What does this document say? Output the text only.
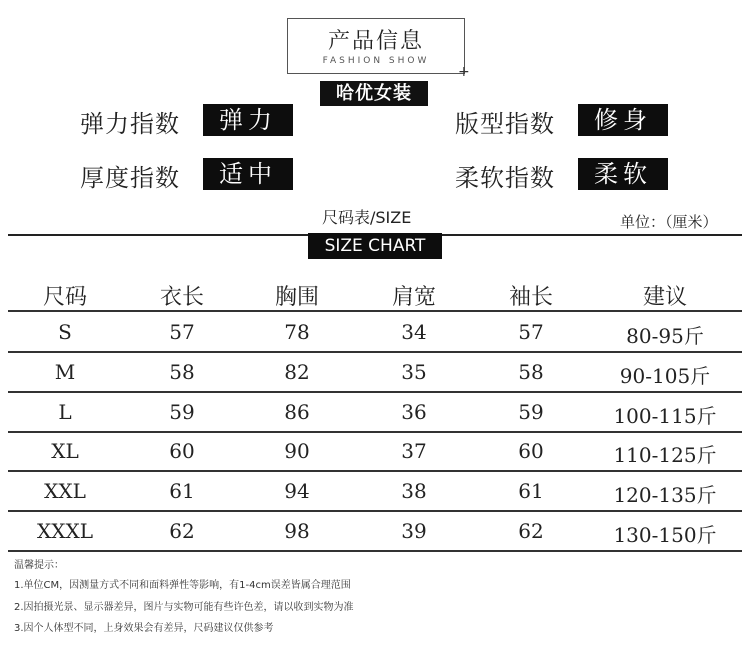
产品信息
FASHION SHOW
+
哈优女装
弹力指数	弹力	版型指数	修身
厚度指数	适中	柔软指数	柔软
尺码表/SIZE	单位：（厘米）
SIZE CHART
尺码	衣长	胸围	肩宽	袖长	建议
S	57	78	34	57	80-95斤
M	58	82	35	58	90-105斤
L	59	86	36	59	100-115斤
XL	60	90	37	60	110-125斤
XXL	61	94	38	61	120-135斤
XXXL	62	98	39	62	130-150斤
温馨提示：
1.单位CM，因测量方式不同和面料弹性等影响，有1-4cm误差皆属合理范围
2.因拍摄光景、显示器差异，图片与实物可能有些许色差，请以收到实物为准
3.因个人体型不同，上身效果会有差异，尺码建议仅供参考
